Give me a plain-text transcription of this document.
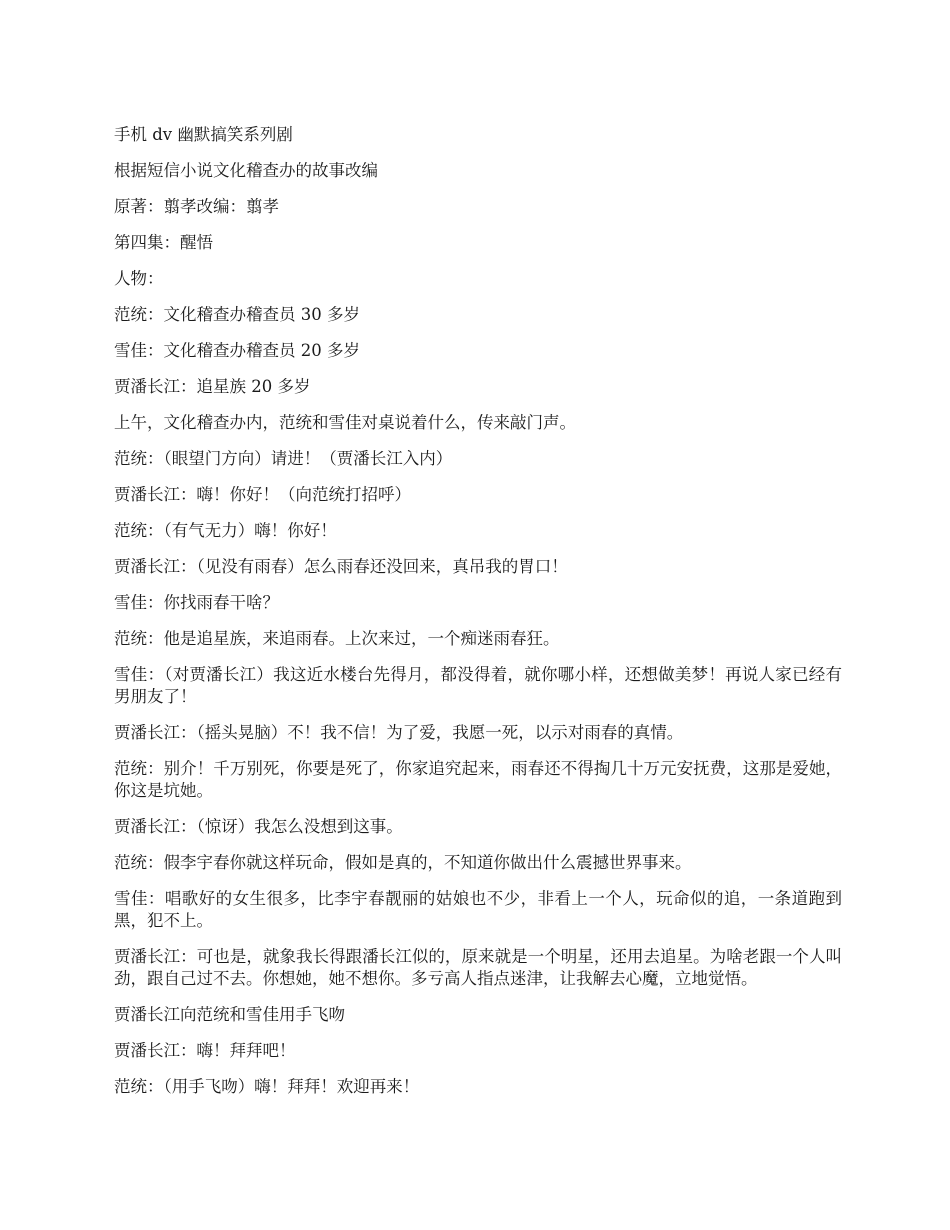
手机 dv 幽默搞笑系列剧

根据短信小说文化稽查办的故事改编

原著：翦孝改编：翦孝

第四集：醒悟

人物：

范统：文化稽查办稽查员 30 多岁

雪佳：文化稽查办稽查员 20 多岁

贾潘长江：追星族 20 多岁

上午，文化稽查办内，范统和雪佳对桌说着什么，传来敲门声。

范统：（眼望门方向）请进！（贾潘长江入内）

贾潘长江：嗨！你好！（向范统打招呼）

范统：（有气无力）嗨！你好！

贾潘长江：（见没有雨春）怎么雨春还没回来，真吊我的胃口！

雪佳：你找雨春干啥？

范统：他是追星族，来追雨春。上次来过，一个痴迷雨春狂。

雪佳：（对贾潘长江）我这近水楼台先得月，都没得着，就你哪小样，还想做美梦！再说人家已经有男朋友了！

贾潘长江：（摇头晃脑）不！我不信！为了爱，我愿一死，以示对雨春的真情。

范统：别介！千万别死，你要是死了，你家追究起来，雨春还不得掏几十万元安抚费，这那是爱她，你这是坑她。

贾潘长江：（惊讶）我怎么没想到这事。

范统：假李宇春你就这样玩命，假如是真的，不知道你做出什么震撼世界事来。

雪佳：唱歌好的女生很多，比李宇春靓丽的姑娘也不少，非看上一个人，玩命似的追，一条道跑到黑，犯不上。

贾潘长江：可也是，就象我长得跟潘长江似的，原来就是一个明星，还用去追星。为啥老跟一个人叫劲，跟自己过不去。你想她，她不想你。多亏高人指点迷津，让我解去心魔，立地觉悟。

贾潘长江向范统和雪佳用手飞吻

贾潘长江：嗨！拜拜吧！

范统：（用手飞吻）嗨！拜拜！欢迎再来！
